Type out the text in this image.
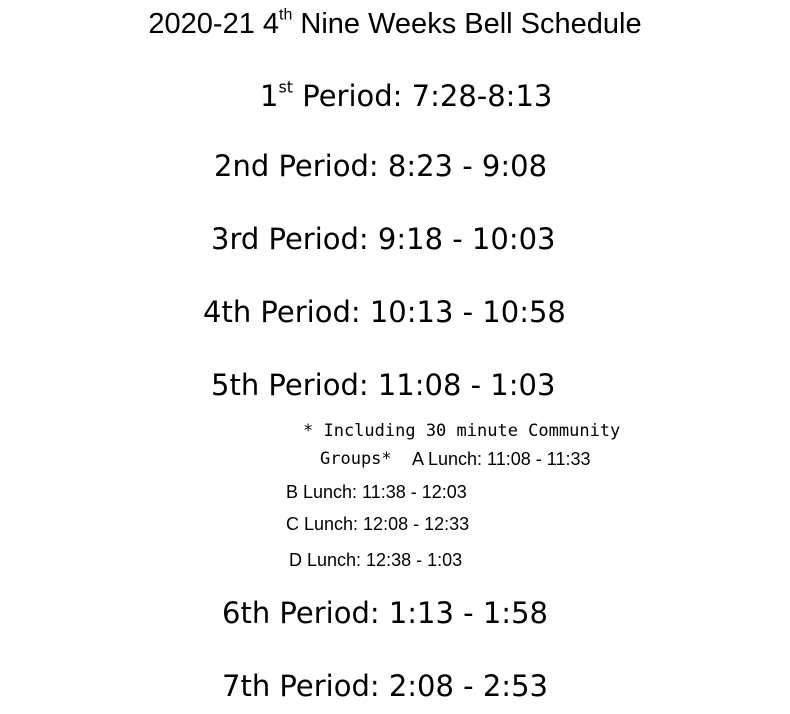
2020-21 4th Nine Weeks Bell Schedule
1st Period: 7:28-8:13
2nd Period: 8:23 - 9:08
3rd Period: 9:18 - 10:03
4th Period: 10:13 - 10:58
5th Period: 11:08 - 1:03
* Including 30 minute Community
Groups* A Lunch: 11:08 - 11:33
B Lunch: 11:38 - 12:03
C Lunch: 12:08 - 12:33
D Lunch: 12:38 - 1:03
6th Period: 1:13 - 1:58
7th Period: 2:08 - 2:53
